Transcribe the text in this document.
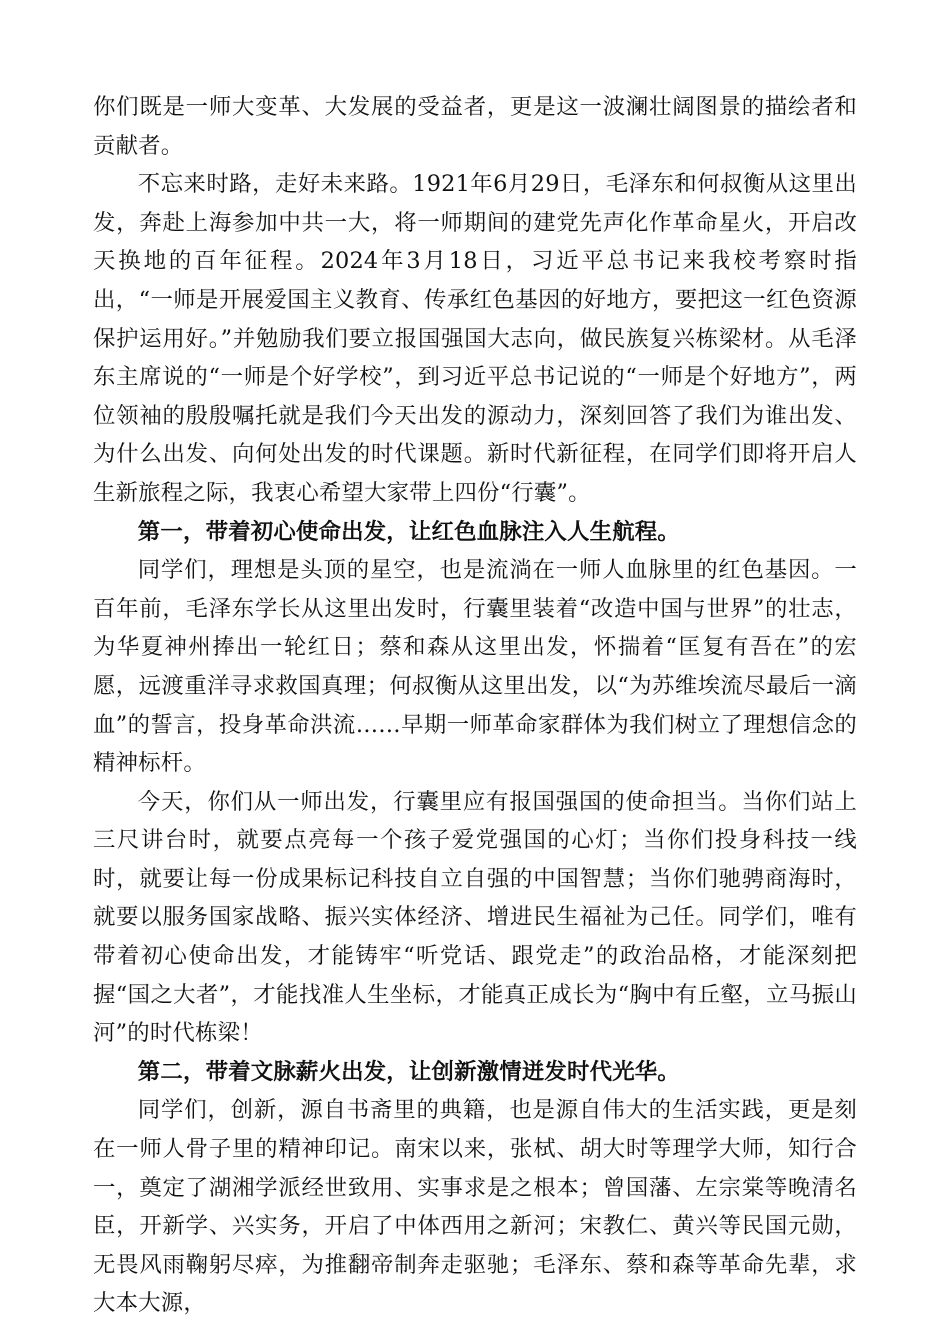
你们既是一师大变革、大发展的受益者，更是这一波澜壮阔图景的描绘者和贡献者。

不忘来时路，走好未来路。1921年6月29日，毛泽东和何叔衡从这里出发，奔赴上海参加中共一大，将一师期间的建党先声化作革命星火，开启改天换地的百年征程。2024年3月18日，习近平总书记来我校考察时指出，“一师是开展爱国主义教育、传承红色基因的好地方，要把这一红色资源保护运用好。”并勉励我们要立报国强国大志向，做民族复兴栋梁材。从毛泽东主席说的“一师是个好学校”，到习近平总书记说的“一师是个好地方”，两位领袖的殷殷嘱托就是我们今天出发的源动力，深刻回答了我们为谁出发、为什么出发、向何处出发的时代课题。新时代新征程，在同学们即将开启人生新旅程之际，我衷心希望大家带上四份“行囊”。

第一，带着初心使命出发，让红色血脉注入人生航程。

同学们，理想是头顶的星空，也是流淌在一师人血脉里的红色基因。一百年前，毛泽东学长从这里出发时，行囊里装着“改造中国与世界”的壮志，为华夏神州捧出一轮红日；蔡和森从这里出发，怀揣着“匡复有吾在”的宏愿，远渡重洋寻求救国真理；何叔衡从这里出发，以“为苏维埃流尽最后一滴血”的誓言，投身革命洪流……早期一师革命家群体为我们树立了理想信念的精神标杆。

今天，你们从一师出发，行囊里应有报国强国的使命担当。当你们站上三尺讲台时，就要点亮每一个孩子爱党强国的心灯；当你们投身科技一线时，就要让每一份成果标记科技自立自强的中国智慧；当你们驰骋商海时，就要以服务国家战略、振兴实体经济、增进民生福祉为己任。同学们，唯有带着初心使命出发，才能铸牢“听党话、跟党走”的政治品格，才能深刻把握“国之大者”，才能找准人生坐标，才能真正成长为“胸中有丘壑，立马振山河”的时代栋梁！

第二，带着文脉薪火出发，让创新激情迸发时代光华。

同学们，创新，源自书斋里的典籍，也是源自伟大的生活实践，更是刻在一师人骨子里的精神印记。南宋以来，张栻、胡大时等理学大师，知行合一，奠定了湖湘学派经世致用、实事求是之根本；曾国藩、左宗棠等晚清名臣，开新学、兴实务，开启了中体西用之新河；宋教仁、黄兴等民国元勋，无畏风雨鞠躬尽瘁，为推翻帝制奔走驱驰；毛泽东、蔡和森等革命先辈，求大本大源，
